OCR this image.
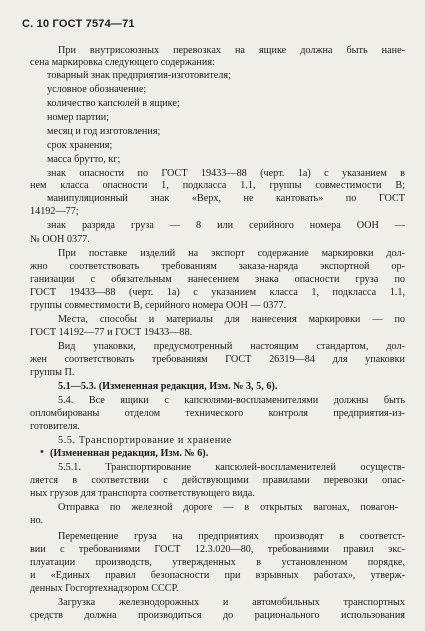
С. 10 ГОСТ 7574—71
При внутрисоюзных перевозках на ящике должна быть нане-
сена маркировка следующего содержания:
товарный знак предприятия-изготовителя;
условное обозначение;
количество капсюлей в ящике;
номер партии;
месяц и год изготовления;
срок хранения;
масса брутто, кг;
знак опасности по ГОСТ 19433—88 (черт. 1а) с указанием в
нем класса опасности 1, подкласса 1.1, группы совместимости В;
манипуляционный знак «Верх, не кантовать» по ГОСТ
14192—77;
знак разряда груза — 8 или серийного номера ООН —
№ ООН 0377.
При поставке изделий на экспорт содержание маркировки дол-
жно соответствовать требованиям заказа-наряда экспортной ор-
ганизации с обязательным нанесением знака опасности груза по
ГОСТ 19433—88 (черт. 1а) с указанием класса 1, подкласса 1.1,
группы совместимости В, серийного номера ООН — 0377.
Места, способы и материалы для нанесения маркировки — по
ГОСТ 14192—77 и ГОСТ 19433—88.
Вид упаковки, предусмотренный настоящим стандартом, дол-
жен соответствовать требованиям ГОСТ 26319—84 для упаковки
группы П.
5.1—5.3. (Измененная редакция, Изм. № 3, 5, 6).
5.4. Все ящики с капсюлями-воспламенителями должны быть
опломбированы отделом технического контроля предприятия-из-
готовителя.
5.5. Транспортирование и хранение
• (Измененная редакция, Изм. № 6).
5.5.1. Транспортирование капсюлей-воспламенителей осуществ-
ляется в соответствии с действующими правилами перевозки опас-
ных грузов для транспорта соответствующего вида.
Отправка по железной дороге — в открытых вагонах, повагон-
но.
Перемещение груза на предприятиях производят в соответст-
вии с требованиями ГОСТ 12.3.020—80, требованиями правил экс-
плуатации производств, утвержденных в установленном порядке,
и «Единых правил безопасности при взрывных работах», утверж-
денных Госгортехнадзором СССР.
Загрузка железнодорожных и автомобильных транспортных
средств должна производиться до рационального использования
